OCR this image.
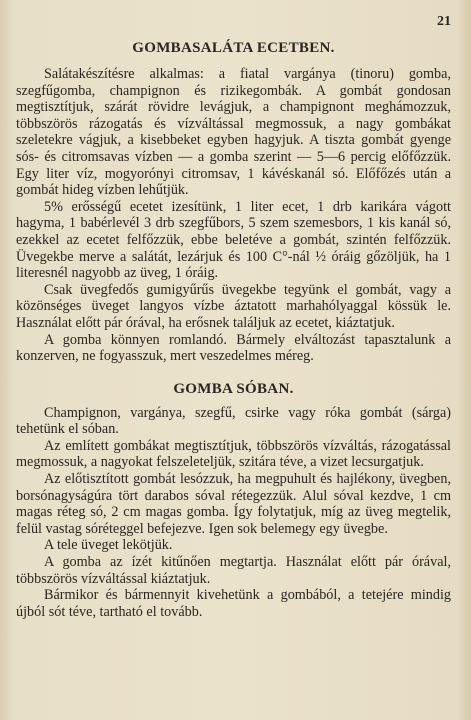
21
GOMBASALÁTA ECETBEN.

Salátakészítésre alkalmas: a fiatal vargánya (tinoru) gomba, szegfűgomba, champignon és rizikegombák. A gombát gondosan megtisztítjuk, szárát rövidre levágjuk, a champignont meghámozzuk, többszörös rázogatás és vízváltással megmossuk, a nagy gombákat szeletekre vágjuk, a kisebbeket egyben hagyjuk. A tiszta gombát gyenge sós- és citromsavas vízben — a gomba szerint — 5—6 percig előfőzzük. Egy liter víz, mogyorónyi citromsav, 1 kávéskanál só. Előfőzés után a gombát hideg vízben lehűtjük.

5% erősségű ecetet izesítünk, 1 liter ecet, 1 drb karikára vágott hagyma, 1 babérlevél 3 drb szegfűbors, 5 szem szemesbors, 1 kis kanál só, ezekkel az ecetet felfőzzük, ebbe beletéve a gombát, szintén felfőzzük. Üvegekbe merve a salátát, lezárjuk és 100 C°-nál ½ óráig gőzöljük, ha 1 literesnél nagyobb az üveg, 1 óráig.

Csak üvegfedős gumigyűrűs üvegekbe tegyünk el gombát, vagy a közönséges üveget langyos vízbe áztatott marhahólyaggal kössük le. Használat előtt pár órával, ha erősnek találjuk az ecetet, kiáztatjuk.

A gomba könnyen romlandó. Bármely elváltozást tapasztalunk a konzerven, ne fogyasszuk, mert veszedelmes méreg.

GOMBA SÓBAN.

Champignon, vargánya, szegfű, csirke vagy róka gombát (sárga) tehetünk el sóban.

Az említett gombákat megtisztítjuk, többszörös vízváltás, rázogatással megmossuk, a nagyokat felszeleteljük, szitára téve, a vizet lecsurgatjuk.

Az előtisztított gombát lesózzuk, ha megpuhult és hajlékony, üvegben, borsónagyságúra tört darabos sóval rétegezzük. Alul sóval kezdve, 1 cm magas réteg só, 2 cm magas gomba. Így folytatjuk, míg az üveg megtelik, felül vastag sóréteggel befejezve. Igen sok belemegy egy üvegbe.

A tele üveget lekötjük.

A gomba az ízét kitűnően megtartja. Használat előtt pár órával, többszörös vízváltással kiáztatjuk.

Bármikor és bármennyit kivehetünk a gombából, a tetejére mindig újból sót téve, tartható el tovább.
